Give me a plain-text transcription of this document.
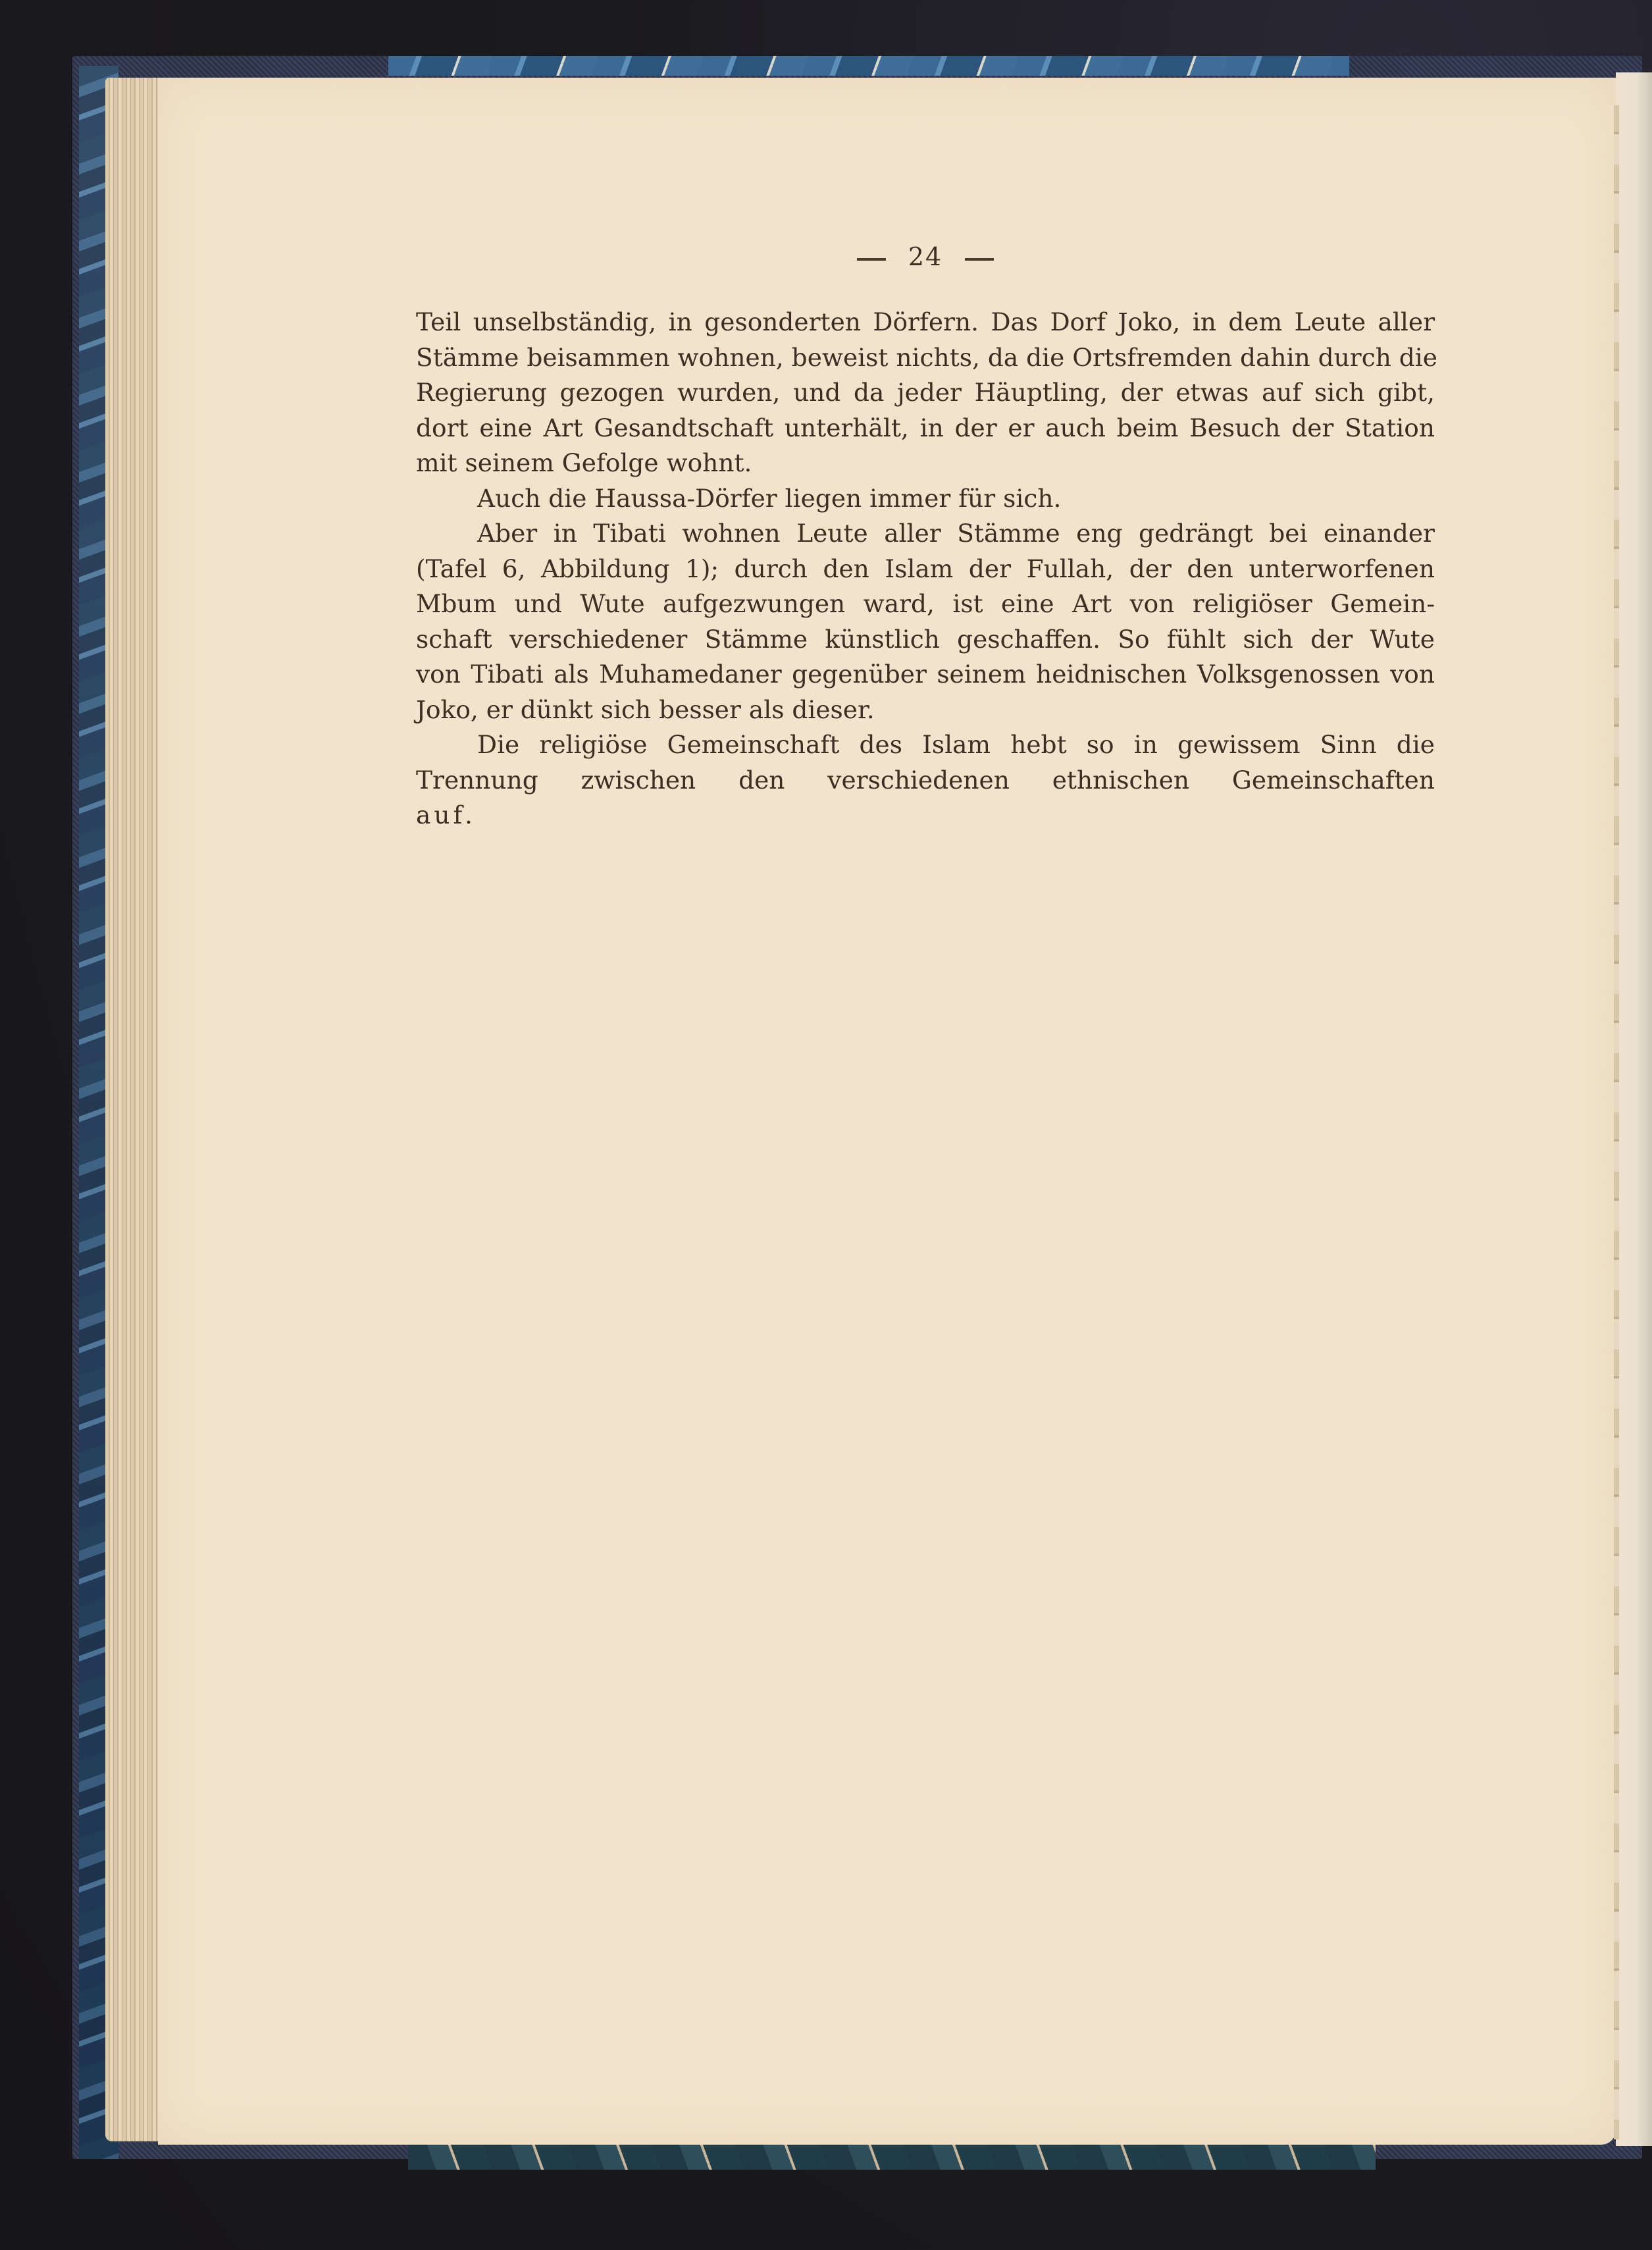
24
Teil unselbständig, in gesonderten Dörfern. Das Dorf Joko, in dem Leute aller
Stämme beisammen wohnen, beweist nichts, da die Ortsfremden dahin durch die
Regierung gezogen wurden, und da jeder Häuptling, der etwas auf sich gibt,
dort eine Art Gesandtschaft unterhält, in der er auch beim Besuch der Station
mit seinem Gefolge wohnt.
Auch die Haussa-Dörfer liegen immer für sich.
Aber in Tibati wohnen Leute aller Stämme eng gedrängt bei einander
(Tafel 6, Abbildung 1); durch den Islam der Fullah, der den unterworfenen
Mbum und Wute aufgezwungen ward, ist eine Art von religiöser Gemein-
schaft verschiedener Stämme künstlich geschaffen. So fühlt sich der Wute
von Tibati als Muhamedaner gegenüber seinem heidnischen Volksgenossen von
Joko, er dünkt sich besser als dieser.
Die religiöse Gemeinschaft des Islam hebt so in gewissem Sinn die
Trennung zwischen den verschiedenen ethnischen Gemeinschaften
auf.
